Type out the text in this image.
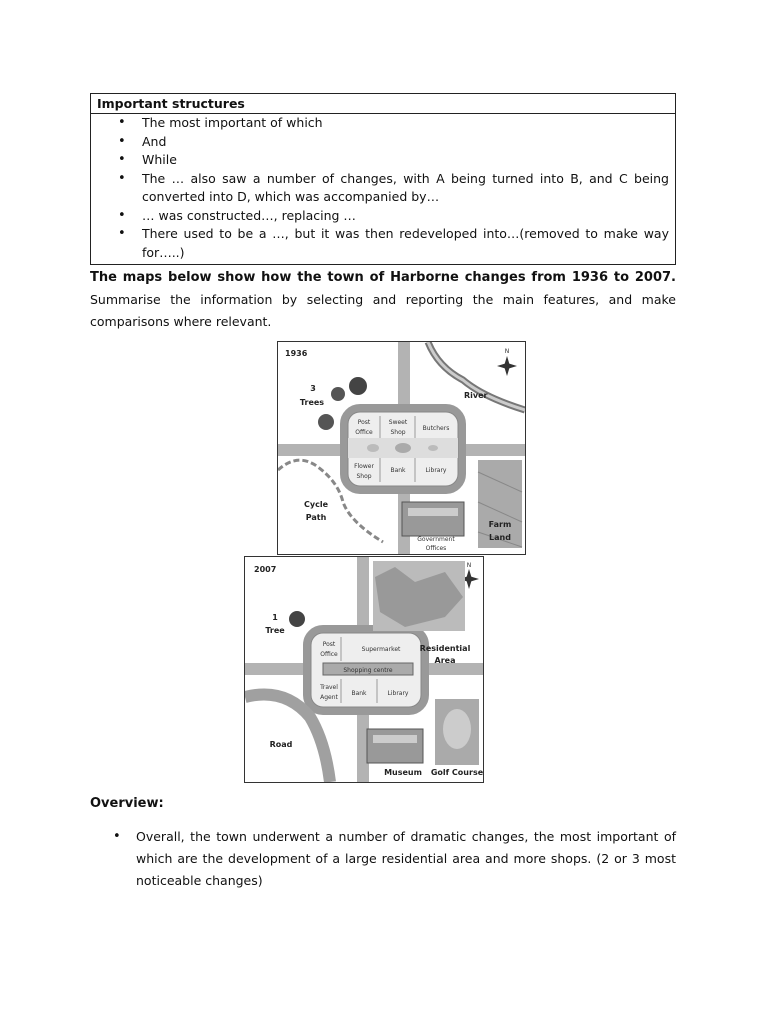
Important structures
• The most important of which
• And
• While
• The … also saw a number of changes, with A being turned into B, and C being converted into D, which was accompanied by…
• … was constructed…, replacing …
• There used to be a …, but it was then redeveloped into…(removed to make way for…..)
The maps below show how the town of Harborne changes from 1936 to 2007. Summarise the information by selecting and reporting the main features, and make comparisons where relevant.
Post
Office
Sweet
Shop
Butchers
Flower
Shop
Bank	Library
River
N
1936
3
Trees
Cycle
Path
Government
Offices
Farm
Land
Post
Office
Supermarket
Shopping centre
Travel
Agent
Bank	Library
N
2007
1
Tree
Residential
Area
Road
Museum Golf Course
Overview:
• Overall, the town underwent a number of dramatic changes, the most important of which are the development of a large residential area and more shops. (2 or 3 most noticeable changes)
